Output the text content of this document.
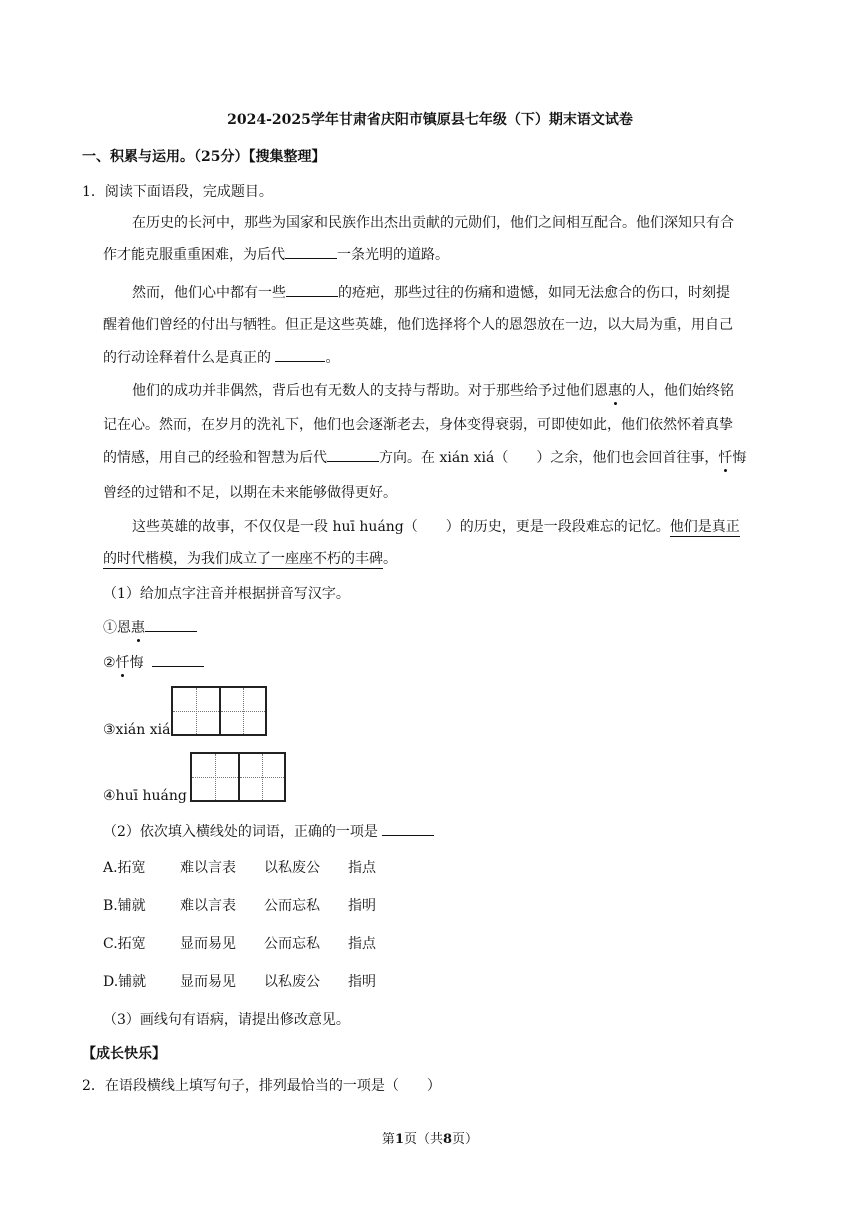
2024-2025学年甘肃省庆阳市镇原县七年级（下）期末语文试卷
一、积累与运用。（25分）【搜集整理】
1．阅读下面语段，完成题目。
在历史的长河中，那些为国家和民族作出杰出贡献的元勋们，他们之间相互配合。他们深知只有合
作才能克服重重困难，为后代	一条光明的道路。
然而，他们心中都有一些	的疮疤，那些过往的伤痛和遗憾，如同无法愈合的伤口，时刻提
醒着他们曾经的付出与牺牲。但正是这些英雄，他们选择将个人的恩怨放在一边，以大局为重，用自己
的行动诠释着什么是真正的	。
他们的成功并非偶然，背后也有无数人的支持与帮助。对于那些给予过他们恩惠的人，他们始终铭
记在心。然而，在岁月的洗礼下，他们也会逐渐老去，身体变得衰弱，可即使如此，他们依然怀着真挚
的情感，用自己的经验和智慧为后代	方向。在 xián xiá（　　）之余，他们也会回首往事，忏悔
曾经的过错和不足，以期在未来能够做得更好。
这些英雄的故事，不仅仅是一段 huī huáng（　　）的历史，更是一段段难忘的记忆。他们是真正
的时代楷模，为我们成立了一座座不朽的丰碑。
（1）给加点字注音并根据拼音写汉字。
①恩惠
②忏悔
③xián xiá
④huī huáng
（2）依次填入横线处的词语，正确的一项是
A.拓宽 难以言表 以私废公 指点
B.铺就 难以言表 公而忘私 指明
C.拓宽 显而易见 公而忘私 指点
D.铺就 显而易见 以私废公 指明
（3）画线句有语病，请提出修改意见。
【成长快乐】
2．在语段横线上填写句子，排列最恰当的一项是（　　）
第1页（共8页）
